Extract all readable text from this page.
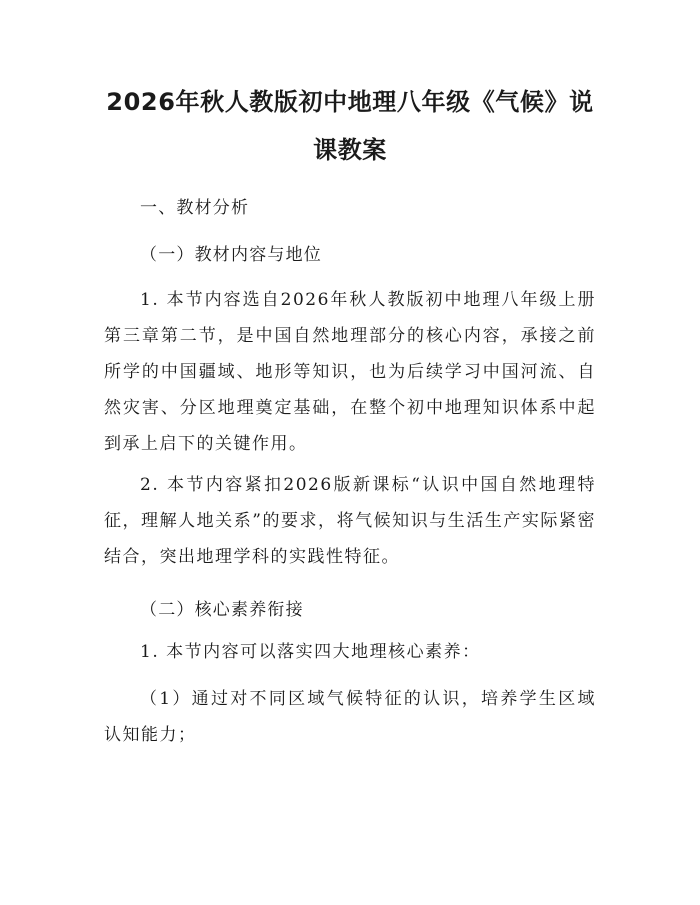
2026年秋人教版初中地理八年级《气候》说
课教案

一、教材分析

（一）教材内容与地位

1. 本节内容选自2026年秋人教版初中地理八年级上册第三章第二节，是中国自然地理部分的核心内容，承接之前所学的中国疆域、地形等知识，也为后续学习中国河流、自然灾害、分区地理奠定基础，在整个初中地理知识体系中起到承上启下的关键作用。

2. 本节内容紧扣2026版新课标“认识中国自然地理特征，理解人地关系”的要求，将气候知识与生活生产实际紧密结合，突出地理学科的实践性特征。

（二）核心素养衔接

1. 本节内容可以落实四大地理核心素养：

（1）通过对不同区域气候特征的认识，培养学生区域认知能力；
